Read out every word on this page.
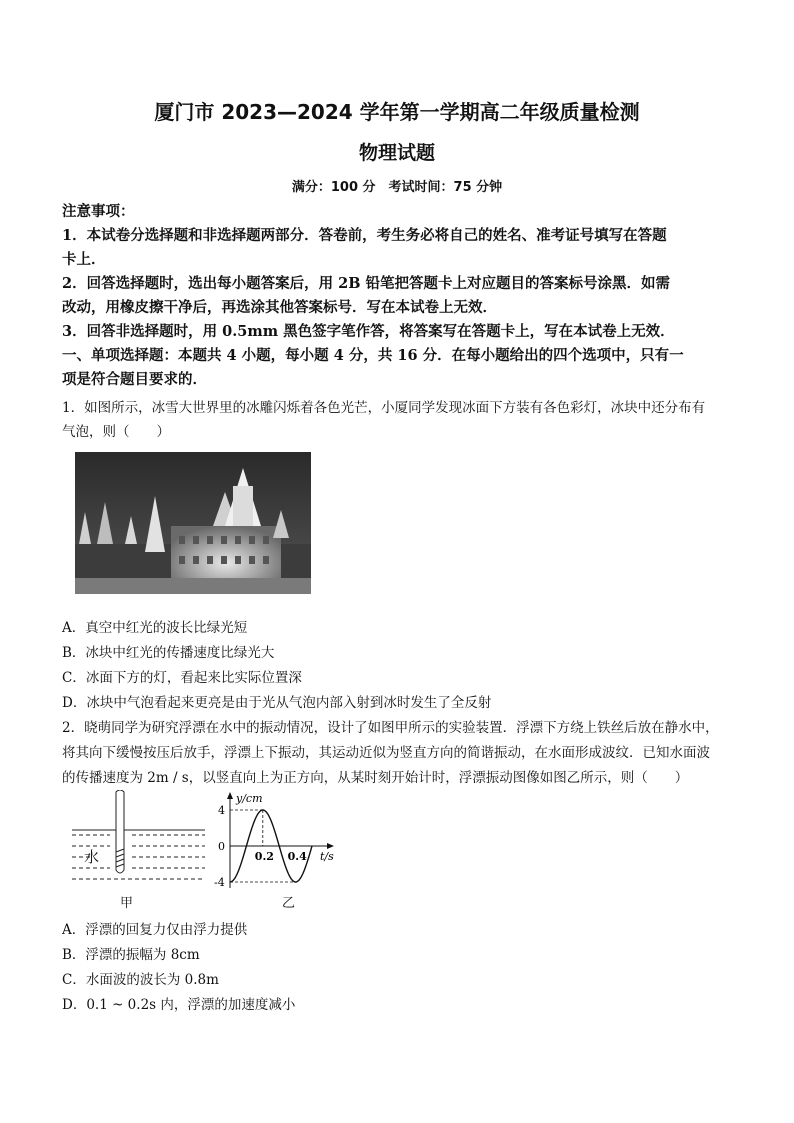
厦门市 2023—2024 学年第一学期高二年级质量检测
物理试题
满分：100 分　考试时间：75 分钟
注意事项：
1．本试卷分选择题和非选择题两部分．答卷前，考生务必将自己的姓名、准考证号填写在答题
卡上．
2．回答选择题时，选出每小题答案后，用 2B 铅笔把答题卡上对应题目的答案标号涂黑．如需
改动，用橡皮擦干净后，再选涂其他答案标号．写在本试卷上无效．
3．回答非选择题时，用 0.5mm 黑色签字笔作答，将答案写在答题卡上，写在本试卷上无效．
一、单项选择题：本题共 4 小题，每小题 4 分，共 16 分．在每小题给出的四个选项中，只有一
项是符合题目要求的．
1．如图所示，冰雪大世界里的冰雕闪烁着各色光芒，小厦同学发现冰面下方装有各色彩灯，冰块中还分布有
气泡，则（　　）
A．真空中红光的波长比绿光短
B．冰块中红光的传播速度比绿光大
C．冰面下方的灯，看起来比实际位置深
D．冰块中气泡看起来更亮是由于光从气泡内部入射到冰时发生了全反射
2．晓萌同学为研究浮漂在水中的振动情况，设计了如图甲所示的实验装置．浮漂下方绕上铁丝后放在静水中，
将其向下缓慢按压后放手，浮漂上下振动，其运动近似为竖直方向的简谐振动，在水面形成波纹．已知水面波
的传播速度为 2m / s，以竖直向上为正方向，从某时刻开始计时，浮漂振动图像如图乙所示，则（　　）
水
甲
y/cm
t/s
0
0.2 0.4
4
-4
乙
A．浮漂的回复力仅由浮力提供
B．浮漂的振幅为 8cm
C．水面波的波长为 0.8m
D．0.1 ~ 0.2s 内，浮漂的加速度减小
